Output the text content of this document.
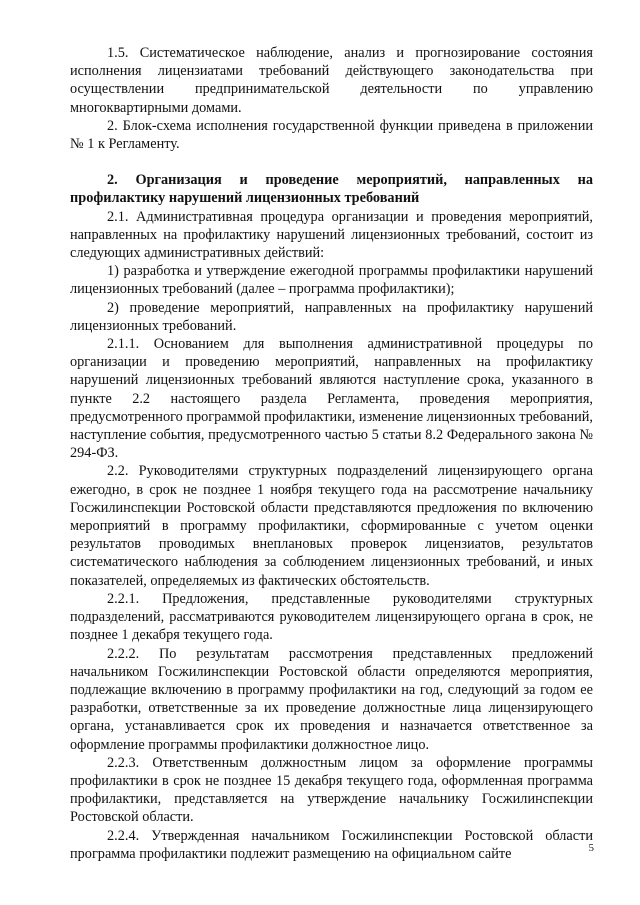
1.5. Систематическое наблюдение, анализ и прогнозирование состояния исполнения лицензиатами требований действующего законодательства при осуществлении предпринимательской деятельности по управлению многоквартирными домами.

2. Блок-схема исполнения государственной функции приведена в приложении № 1 к Регламенту.

2. Организация и проведение мероприятий, направленных на профилактику нарушений лицензионных требований

2.1. Административная процедура организации и проведения мероприятий, направленных на профилактику нарушений лицензионных требований, состоит из следующих административных действий:

1) разработка и утверждение ежегодной программы профилактики нарушений лицензионных требований (далее – программа профилактики);

2) проведение мероприятий, направленных на профилактику нарушений лицензионных требований.

2.1.1. Основанием для выполнения административной процедуры по организации и проведению мероприятий, направленных на профилактику нарушений лицензионных требований являются наступление срока, указанного в пункте 2.2 настоящего раздела Регламента, проведения мероприятия, предусмотренного программой профилактики, изменение лицензионных требований, наступление события, предусмотренного частью 5 статьи 8.2 Федерального закона № 294-ФЗ.

2.2. Руководителями структурных подразделений лицензирующего органа ежегодно, в срок не позднее 1 ноября текущего года на рассмотрение начальнику Госжилинспекции Ростовской области представляются предложения по включению мероприятий в программу профилактики, сформированные с учетом оценки результатов проводимых внеплановых проверок лицензиатов, результатов систематического наблюдения за соблюдением лицензионных требований, и иных показателей, определяемых из фактических обстоятельств.

2.2.1. Предложения, представленные руководителями структурных подразделений, рассматриваются руководителем лицензирующего органа в срок, не позднее 1 декабря текущего года.

2.2.2. По результатам рассмотрения представленных предложений начальником Госжилинспекции Ростовской области определяются мероприятия, подлежащие включению в программу профилактики на год, следующий за годом ее разработки, ответственные за их проведение должностные лица лицензирующего органа, устанавливается срок их проведения и назначается ответственное за оформление программы профилактики должностное лицо.

2.2.3. Ответственным должностным лицом за оформление программы профилактики в срок не позднее 15 декабря текущего года, оформленная программа профилактики, представляется на утверждение начальнику Госжилинспекции Ростовской области.

2.2.4. Утвержденная начальником Госжилинспекции Ростовской области программа профилактики подлежит размещению на официальном сайте	5
